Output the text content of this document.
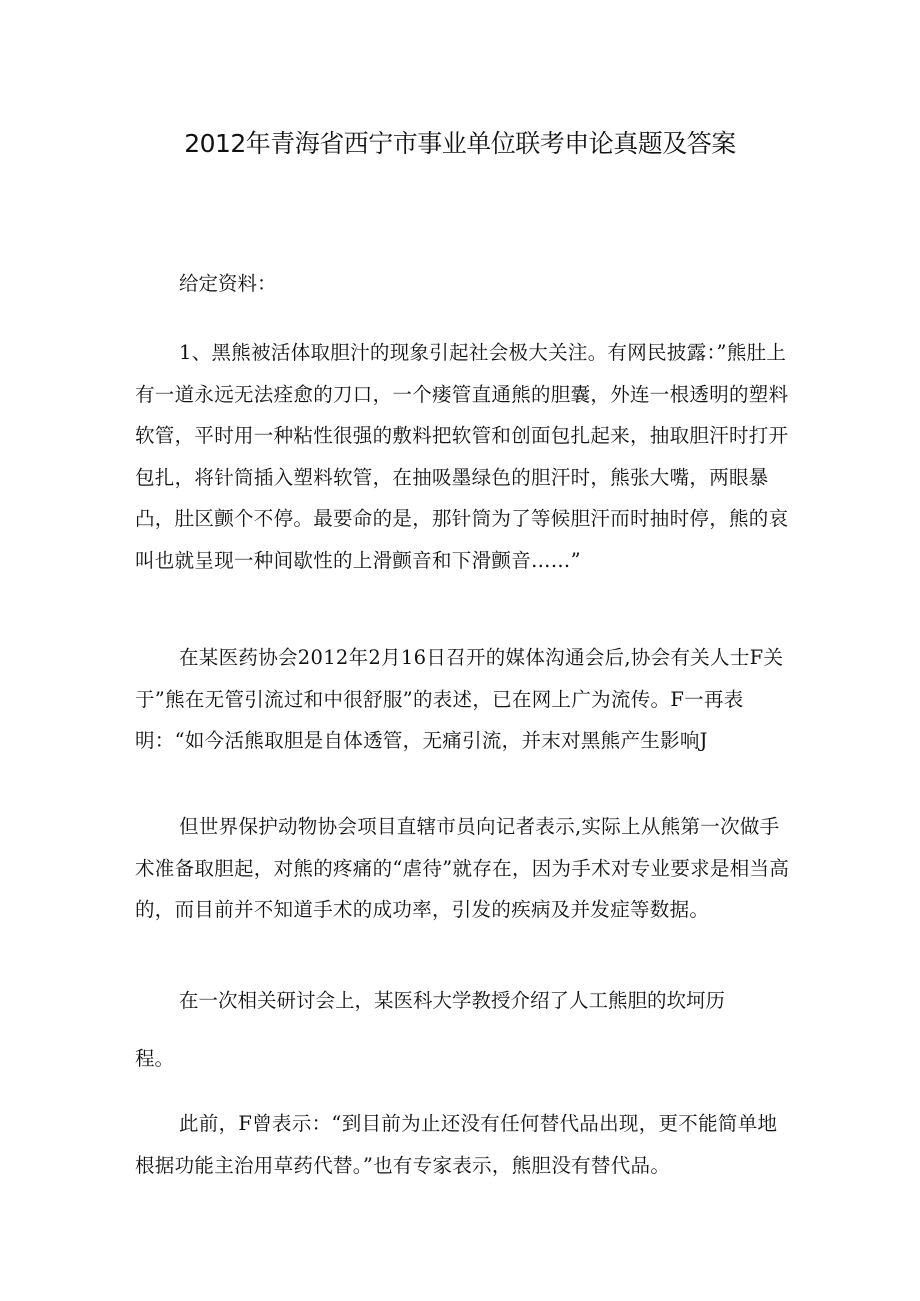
2012年青海省西宁市事业单位联考申论真题及答案

给定资料：

1、黑熊被活体取胆汁的现象引起社会极大关注。有网民披露：”熊肚上有一道永远无法痊愈的刀口，一个瘘管直通熊的胆囊，外连一根透明的塑料软管，平时用一种粘性很强的敷料把软管和创面包扎起来，抽取胆汗时打开包扎，将针筒插入塑料软管，在抽吸墨绿色的胆汗时，熊张大嘴，两眼暴凸，肚区颤个不停。最要命的是，那针筒为了等候胆汗而时抽时停，熊的哀叫也就呈现一种间歇性的上滑颤音和下滑颤音……”

在某医药协会2012年2月16日召开的媒体沟通会后,协会有关人士F关于”熊在无管引流过和中很舒服”的表述，已在网上广为流传。F一再表明：“如今活熊取胆是自体透管，无痛引流，并末对黑熊产生影响J

但世界保护动物协会项目直辖市员向记者表示,实际上从熊第一次做手术准备取胆起，对熊的疼痛的“虐待”就存在，因为手术对专业要求是相当高的，而目前并不知道手术的成功率，引发的疾病及并发症等数据。

在一次相关研讨会上，某医科大学教授介绍了人工熊胆的坎坷历

程。

此前，F曾表示：“到目前为止还没有任何替代品出现，更不能简单地根据功能主治用草药代替。”也有专家表示，熊胆没有替代品。
